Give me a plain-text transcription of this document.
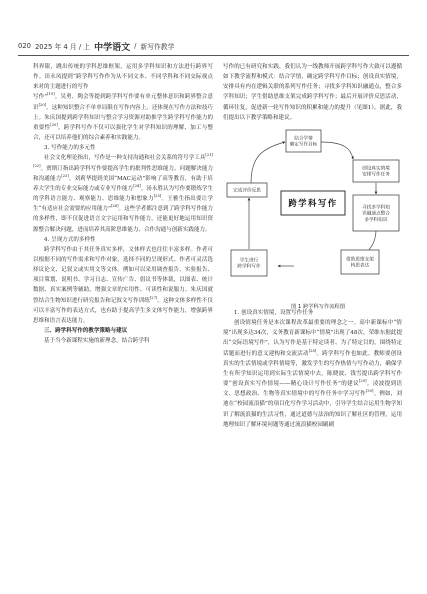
020 2025 年 4 月 / 上 中学语文 / 新写作教学

科界限，跳出传统的学科思维框架，运用多学科知识和方法进行跨界写作。田永凤提到“跨学科写作作为从不同文本、不同学科和不同交际视点来对的主题进行的写作

写作”[19]。吴勇、陶会等提到跨学科写作要有单元整体意识和跨界整合意识[20]。这种知识整合不单单局限在写作内容上，还体现在写作方法和技巧上。朱庆国提到跨学科知识与整合学习资源对助推学生跨学科写作能力的重要性[20]。跨学科写作不仅可以强化学生对学科知识的理解、加工与整合，还可以培养他们的综合素养和实践能力。

3. 写作能力的多元性

社会文化理论指出，写作是一种支持沟通和社会关系的符号学工具[21][22]。贾斯汀指出跨学科写作要提高学生的批判性思维能力、问题解决能力和沟通能力[23]。刘莉华提到美国“MAC运动”影响了高等教育，有助于培养大学生的专业交际能力或专业写作能力[24]。汤永胜认为写作要锻炼学生的学科语言能力、观察能力、思维能力和想象力[25]。王雅生指出要让学生“有适应社会需要的应用能力”[26]。这些学者都注意到了跨学科写作能力的多样性，即不仅促进语言文字运用和写作能力，还能更好地运用知识资源整合解决问题，进而培养其高阶思维能力、合作沟通与创新实践能力。

4. 呈现方式的多样性

跨学科写作由于其任务真实多样，文体样式也往往丰富多样。作者可以根据不同的写作需求和写作对象，选择不同的呈现形式。作者可灵活选择议论文、记叙文或实用文等文体。例如可以采用调查报告、实验报告、项目策划、说明书、学习日志、宣传广告、倡议书等体裁，以图表、统计数据、真实案例等辅助，增强文章的实用性、可读性和说服力。朱庆国就曾结合生物知识进行研究报告和记叙文写作训练[27]。这种文体多样性不仅可以丰富写作的表达方式，也有助于提高学生多文体写作能力，增强跨界思维和语言表达能力。

三、跨学科写作的教学策略与建议

基于当今新课程实施的新理念，结合跨学科

写作的已有研究和实践，我们认为一线教师开展跨学科写作大致可以遵循如下教学流程和模式：结合学情，确定跨学科写作目标；创设真实情境，安排具有内在逻辑关联的系列写作任务；寻找多学科知识融通点，整合多学科知识；学生借助思维支架完成跨学科写作；最后开展评价反思活动，循环往复，促进新一轮写作知识的积累和能力的提升（见图1）。据此，我们提出以下教学策略和建议。

跨学科写作
结合学情确定写作目标
创设真实情境安排写作任务
寻找多学科知识融通点整合多学科知识
借助思维支架构思表达
学生进行跨学科写作
完成评价反思

图 1 跨学科写作流程图

1. 创设真实情境，设置写作任务

创设情境任务是本次课程改革最重要的理念之一。高中新课标中“情境”出现多达34次，义务教育新课标中“情境”出现了48次。荣维东据此提出“交际语境写作”，认为写作是基于特定读者、为了特定目的，围绕特定话题而进行的意义建构和交流活动[28]。跨学科写作也如此。教师要创设真实的生活情境或学科情境等，激发学生的写作热情与写作动力，确保学生有所学知识运用到实际生活情境中去。陈晓波、钱雪提出跨学科写作要“创设真实写作情境——精心设计写作任务”的建议[29]。凌波提到语文、思想政治、生物等真实情境中的写作任务中学习写作[30]。例如，刘迪在“校园流浪猫”的项目化写作学习活动中，引导学生结合运用生物学知识了解流浪猫的生活习性，通过道德与法治的知识了解社区的管理，运用地理知识了解环境问题等通过流浪猫校园刷刷
